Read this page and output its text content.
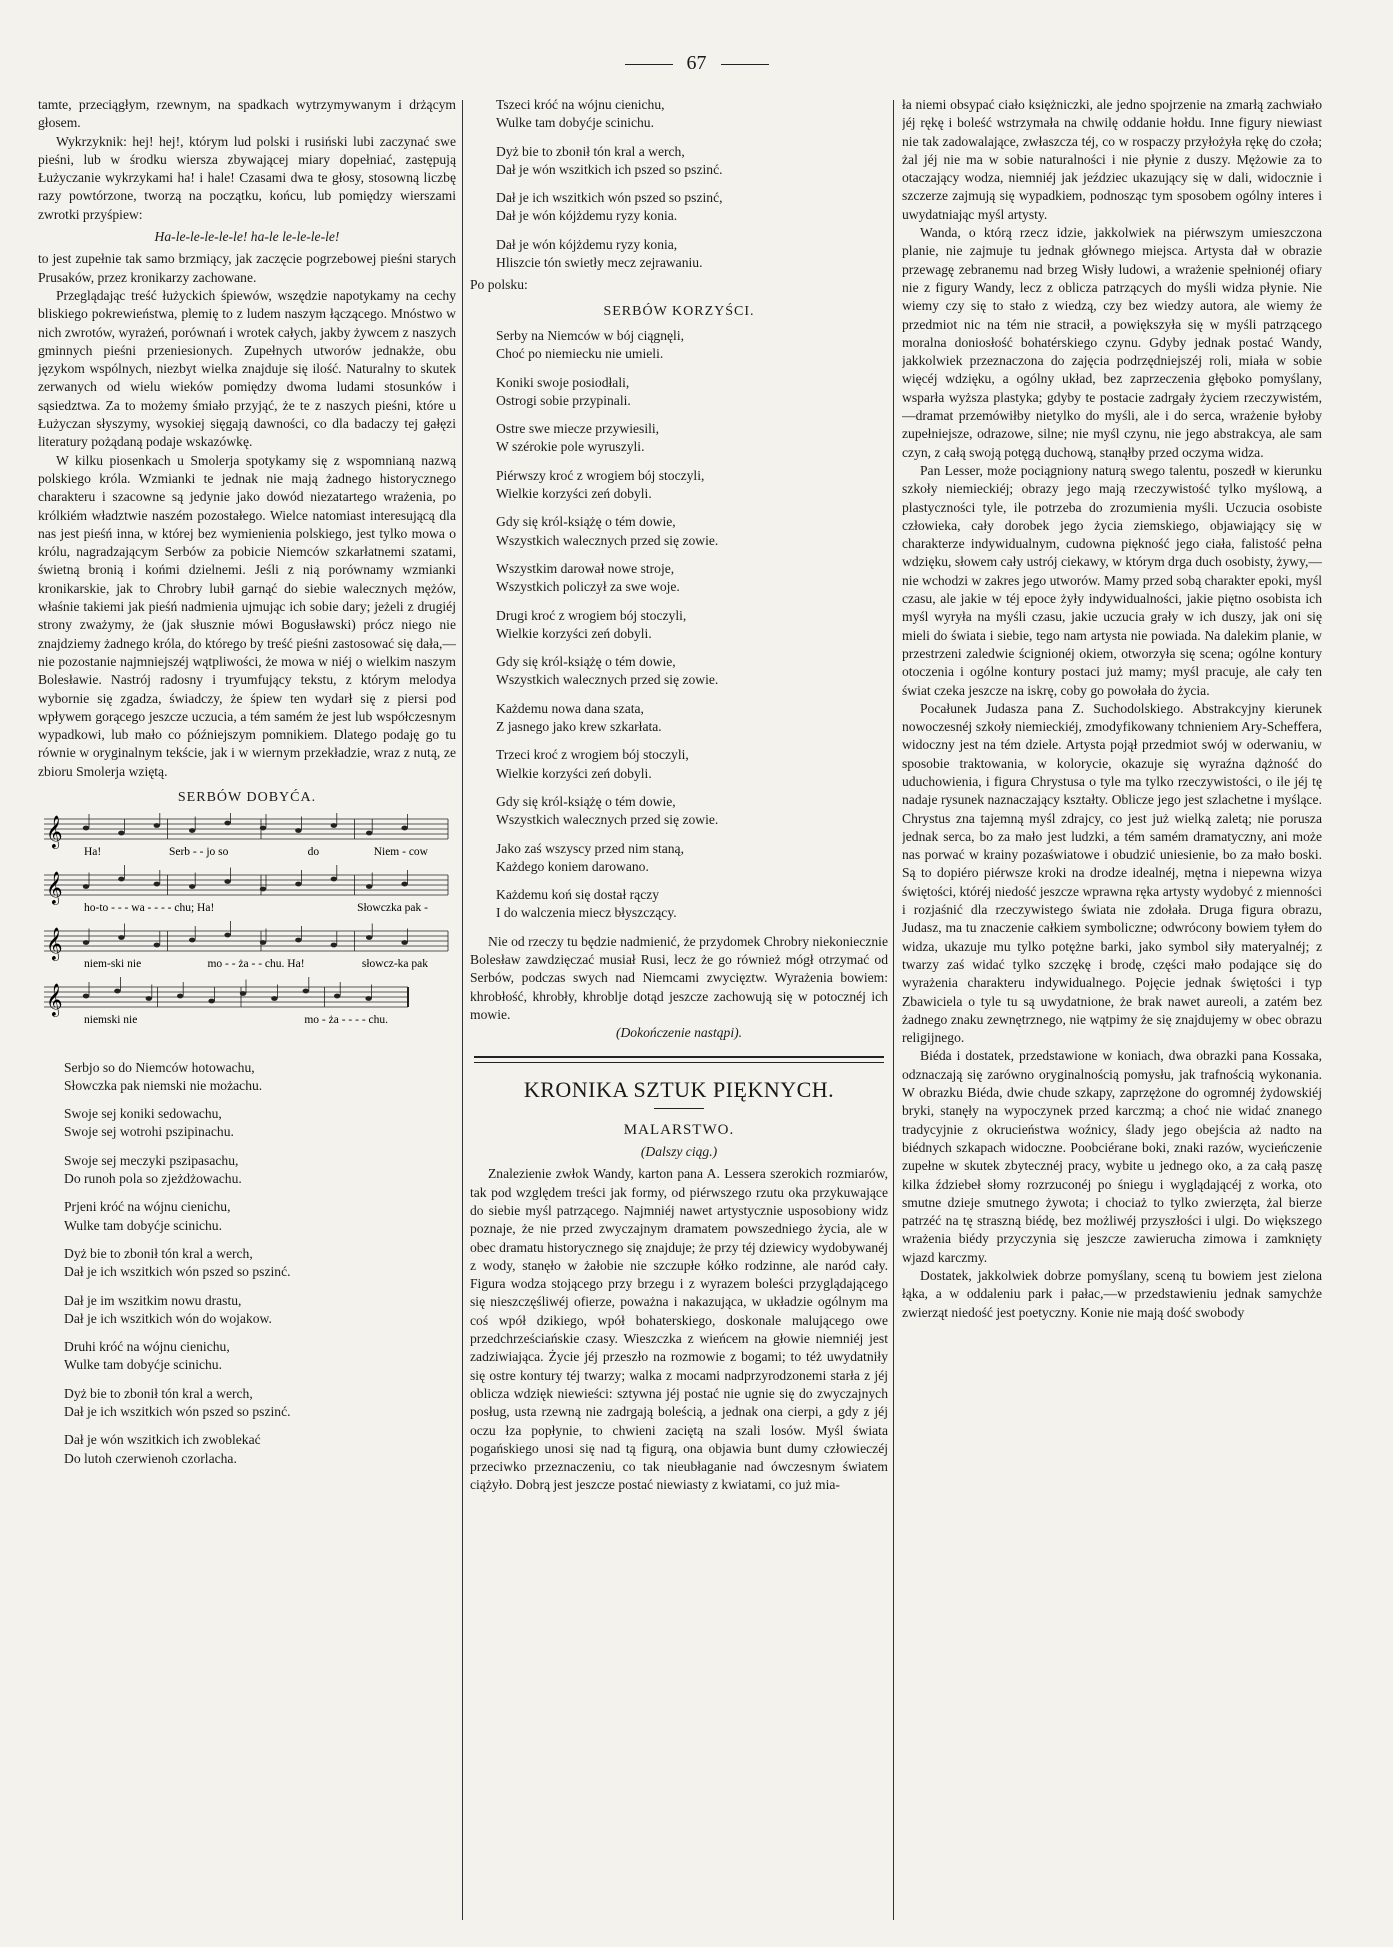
67

tamte, przeciągłym, rzewnym, na spadkach wytrzymywanym i drżącym głosem.

Wykrzyknik: hej! hej!, którym lud polski i rusiński lubi zaczynać swe pieśni, lub w środku wiersza zbywającej miary dopełniać, zastępują Łużyczanie wykrzykami ha! i hale! Czasami dwa te głosy, stosowną liczbę razy powtórzone, tworzą na początku, końcu, lub pomiędzy wierszami zwrotki przyśpiew:

Ha-le-le-le-le-le! ha-le le-le-le-le!

to jest zupełnie tak samo brzmiący, jak zaczęcie pogrzebowej pieśni starych Prusaków, przez kronikarzy zachowane.

Przeglądając treść łużyckich śpiewów, wszędzie napotykamy na cechy bliskiego pokrewieństwa, plemię to z ludem naszym łączącego. Mnóstwo w nich zwrotów, wyrażeń, porównań i wrotek całych, jakby żywcem z naszych gminnych pieśni przeniesionych. Zupełnych utworów jednakże, obu językom wspólnych, niezbyt wielka znajduje się ilość. Naturalny to skutek zerwanych od wielu wieków pomiędzy dwoma ludami stosunków i sąsiedztwa. Za to możemy śmiało przyjąć, że te z naszych pieśni, które u Łużyczan słyszymy, wysokiej sięgają dawności, co dla badaczy tej gałęzi literatury pożądaną podaje wskazówkę.

W kilku piosenkach u Smolerja spotykamy się z wspomnianą nazwą polskiego króla. Wzmianki te jednak nie mają żadnego historycznego charakteru i szacowne są jedynie jako dowód niezatartego wrażenia, po królkiém władztwie naszém pozostałego. Wielce natomiast interesującą dla nas jest pieśń inna, w której bez wymienienia polskiego, jest tylko mowa o królu, nagradzającym Serbów za pobicie Niemców szkarłatnemi szatami, świetną bronią i końmi dzielnemi. Jeśli z nią porównamy wzmianki kronikarskie, jak to Chrobry lubił garnąć do siebie walecznych mężów, właśnie takiemi jak pieśń nadmienia ujmując ich sobie dary; jeżeli z drugiéj strony zważymy, że (jak słusznie mówi Bogusławski) prócz niego nie znajdziemy żadnego króla, do którego by treść pieśni zastosować się dała,—nie pozostanie najmniejszéj wątpliwości, że mowa w niéj o wielkim naszym Bolesławie. Nastrój radosny i tryumfujący tekstu, z którym melodya wybornie się zgadza, świadczy, że śpiew ten wydarł się z piersi pod wpływem gorącego jeszcze uczucia, a tém samém że jest lub współczesnym wypadkowi, lub mało co późniejszym pomnikiem. Dlatego podaję go tu równie w oryginalnym tekście, jak i w wiernym przekładzie, wraz z nutą, ze zbioru Smolerja wziętą.

SERBÓW DOBYĆA.
𝄞
Ha!	Serb - - jo so	do	Niem - cow
𝄞
ho-to - - - wa - - - - chu; Ha!	Słowczka pak -
𝄞
niem-ski nie	mo - - ża - - chu. Ha!	słowcz-ka pak
𝄞
niemski nie	mo - ża - - - - chu.
Serbjo so do Niemców hotowachu,
Słowczka pak niemski nie możachu.
Swoje sej koniki sedowachu,
Swoje sej wotrohi pszipinachu.
Swoje sej meczyki pszipasachu,
Do runoh pola so zjeżdżowachu.
Prjeni króć na wójnu cienichu,
Wulke tam dobyćje scinichu.
Dyż bie to zbonił tón kral a werch,
Dał je ich wszitkich wón pszed so pszinć.
Dał je im wszitkim nowu drastu,
Dał je ich wszitkich wón do wojakow.
Druhi króć na wójnu cienichu,
Wulke tam dobyćje scinichu.
Dyż bie to zbonił tón kral a werch,
Dał je ich wszitkich wón pszed so pszinć.
Dał je wón wszitkich ich zwoblekać
Do lutoh czerwienoh czorlacha.
Tszeci króć na wójnu cienichu,
Wulke tam dobyćje scinichu.
Dyż bie to zbonił tón kral a werch,
Dał je wón wszitkich ich pszed so pszinć.
Dał je ich wszitkich wón pszed so pszinć,
Dał je wón kójżdemu ryzy konia.
Dał je wón kójżdemu ryzy konia,
Hliszcie tón swietły mecz zejrawaniu.

Po polsku:

SERBÓW KORZYŚCI.
Serby na Niemców w bój ciągnęli,
Choć po niemiecku nie umieli.
Koniki swoje posiodłali,
Ostrogi sobie przypinali.
Ostre swe miecze przywiesili,
W szérokie pole wyruszyli.
Piérwszy kroć z wrogiem bój stoczyli,
Wielkie korzyści zeń dobyli.
Gdy się król-książę o tém dowie,
Wszystkich walecznych przed się zowie.
Wszystkim darował nowe stroje,
Wszystkich policzył za swe woje.
Drugi kroć z wrogiem bój stoczyli,
Wielkie korzyści zeń dobyli.
Gdy się król-książę o tém dowie,
Wszystkich walecznych przed się zowie.
Każdemu nowa dana szata,
Z jasnego jako krew szkarłata.
Trzeci kroć z wrogiem bój stoczyli,
Wielkie korzyści zeń dobyli.
Gdy się król-książę o tém dowie,
Wszystkich walecznych przed się zowie.
Jako zaś wszyscy przed nim staną,
Każdego koniem darowano.
Każdemu koń się dostał rączy
I do walczenia miecz błyszczący.

Nie od rzeczy tu będzie nadmienić, że przydomek Chrobry niekoniecznie Bolesław zawdzięczać musiał Rusi, lecz że go również mógł otrzymać od Serbów, podczas swych nad Niemcami zwycięztw. Wyrażenia bowiem: khrobłość, khrobły, khroblje dotąd jeszcze zachowują się w potocznéj ich mowie.

(Dokończenie nastąpi).

KRONIKA SZTUK PIĘKNYCH.
MALARSTWO.
(Dalszy ciąg.)

Znalezienie zwłok Wandy, karton pana A. Lessera szerokich rozmiarów, tak pod względem treści jak formy, od piérwszego rzutu oka przykuwające do siebie myśl patrzącego. Najmniéj nawet artystycznie usposobiony widz poznaje, że nie przed zwyczajnym dramatem powszedniego życia, ale w obec dramatu historycznego się znajduje; że przy téj dziewicy wydobywanéj z wody, stanęło w żałobie nie szczupłe kółko rodzinne, ale naród cały. Figura wodza stojącego przy brzegu i z wyrazem boleści przyglądającego się nieszczęśliwéj ofierze, poważna i nakazująca, w układzie ogólnym ma coś wpół dzikiego, wpół bohaterskiego, doskonale malującego owe przedchrześciańskie czasy. Wieszczka z wieńcem na głowie niemniéj jest zadziwiająca. Życie jéj przeszło na rozmowie z bogami; to téż uwydatniły się ostre kontury téj twarzy; walka z mocami nadprzyrodzonemi starła z jéj oblicza wdzięk niewieści: sztywna jéj postać nie ugnie się do zwyczajnych posług, usta rzewną nie zadrgają boleścią, a jednak ona cierpi, a gdy z jéj oczu łza popłynie, to chwieni zaciętą na szali losów. Myśl świata pogańskiego unosi się nad tą figurą, ona objawia bunt dumy człowieczéj przeciwko przeznaczeniu, co tak nieubłaganie nad ówczesnym światem ciążyło. Dobrą jest jeszcze postać niewiasty z kwiatami, co już mia-

ła niemi obsypać ciało księżniczki, ale jedno spojrzenie na zmarłą zachwiało jéj rękę i boleść wstrzymała na chwilę oddanie hołdu. Inne figury niewiast nie tak zadowalające, zwłaszcza téj, co w rospaczy przyłożyła rękę do czoła; żal jéj nie ma w sobie naturalności i nie płynie z duszy. Mężowie za to otaczający wodza, niemniéj jak jeździec ukazujący się w dali, widocznie i szczerze zajmują się wypadkiem, podnosząc tym sposobem ogólny interes i uwydatniając myśl artysty.

Wanda, o którą rzecz idzie, jakkolwiek na piérwszym umieszczona planie, nie zajmuje tu jednak głównego miejsca. Artysta dał w obrazie przewagę zebranemu nad brzeg Wisły ludowi, a wrażenie spełnionéj ofiary nie z figury Wandy, lecz z oblicza patrzących do myśli widza płynie. Nie wiemy czy się to stało z wiedzą, czy bez wiedzy autora, ale wiemy że przedmiot nic na tém nie stracił, a powiększyła się w myśli patrzącego moralna doniosłość bohatérskiego czynu. Gdyby jednak postać Wandy, jakkolwiek przeznaczona do zajęcia podrzędniejszéj roli, miała w sobie więcéj wdzięku, a ogólny układ, bez zaprzeczenia głęboko pomyślany, wsparła wyższa plastyka; gdyby te postacie zadrgały życiem rzeczywistém,—dramat przemówiłby nietylko do myśli, ale i do serca, wrażenie byłoby zupełniejsze, odrazowe, silne; nie myśl czynu, nie jego abstrakcya, ale sam czyn, z całą swoją potęgą duchową, stanąłby przed oczyma widza.

Pan Lesser, może pociągniony naturą swego talentu, poszedł w kierunku szkoły niemieckiéj; obrazy jego mają rzeczywistość tylko myślową, a plastyczności tyle, ile potrzeba do zrozumienia myśli. Uczucia osobiste człowieka, cały dorobek jego życia ziemskiego, objawiający się w charakterze indywidualnym, cudowna piękność jego ciała, falistość pełna wdzięku, słowem cały ustrój ciekawy, w którym drga duch osobisty, żywy,—nie wchodzi w zakres jego utworów. Mamy przed sobą charakter epoki, myśl czasu, ale jakie w téj epoce żyły indywidualności, jakie piętno osobista ich myśl wyryła na myśli czasu, jakie uczucia grały w ich duszy, jak oni się mieli do świata i siebie, tego nam artysta nie powiada. Na dalekim planie, w przestrzeni zaledwie ścignionéj okiem, otworzyła się scena; ogólne kontury otoczenia i ogólne kontury postaci już mamy; myśl pracuje, ale cały ten świat czeka jeszcze na iskrę, coby go powołała do życia.

Pocałunek Judasza pana Z. Suchodolskiego. Abstrakcyjny kierunek nowoczesnéj szkoły niemieckiéj, zmodyfikowany tchnieniem Ary-Scheffera, widoczny jest na tém dziele. Artysta pojął przedmiot swój w oderwaniu, w sposobie traktowania, w kolorycie, okazuje się wyraźna dążność do uduchowienia, i figura Chrystusa o tyle ma tylko rzeczywistości, o ile jéj tę nadaje rysunek naznaczający kształty. Oblicze jego jest szlachetne i myślące. Chrystus zna tajemną myśl zdrajcy, co jest już wielką zaletą; nie porusza jednak serca, bo za mało jest ludzki, a tém samém dramatyczny, ani może nas porwać w krainy pozaświatowe i obudzić uniesienie, bo za mało boski. Są to dopiéro piérwsze kroki na drodze idealnéj, mętna i niepewna wizya świętości, któréj niedość jeszcze wprawna ręka artysty wydobyć z mienności i rozjaśnić dla rzeczywistego świata nie zdołała. Druga figura obrazu, Judasz, ma tu znaczenie całkiem symboliczne; odwrócony bowiem tyłem do widza, ukazuje mu tylko potężne barki, jako symbol siły materyalnéj; z twarzy zaś widać tylko szczękę i brodę, części mało podające się do wyrażenia charakteru indywidualnego. Pojęcie jednak świętości i typ Zbawiciela o tyle tu są uwydatnione, że brak nawet aureoli, a zatém bez żadnego znaku zewnętrznego, nie wątpimy że się znajdujemy w obec obrazu religijnego.

Biéda i dostatek, przedstawione w koniach, dwa obrazki pana Kossaka, odznaczają się zarówno oryginalnością pomysłu, jak trafnością wykonania. W obrazku Biéda, dwie chude szkapy, zaprzężone do ogromnéj żydowskiéj bryki, stanęły na wypoczynek przed karczmą; a choć nie widać znanego tradycyjnie z okrucieństwa woźnicy, ślady jego obejścia aż nadto na biédnych szkapach widoczne. Poobciérane boki, znaki razów, wycieńczenie zupełne w skutek zbytecznéj pracy, wybite u jednego oko, a za całą paszę kilka ździebeł słomy rozrzuconéj po śniegu i wyglądającéj z worka, oto smutne dzieje smutnego żywota; i chociaż to tylko zwierzęta, żal bierze patrzéć na tę straszną biédę, bez możliwéj przyszłości i ulgi. Do większego wrażenia biédy przyczynia się jeszcze zawierucha zimowa i zamknięty wjazd karczmy.

Dostatek, jakkolwiek dobrze pomyślany, sceną tu bowiem jest zielona łąka, a w oddaleniu park i pałac,—w przedstawieniu jednak samychże zwierząt niedość jest poetyczny. Konie nie mają dość swobody
